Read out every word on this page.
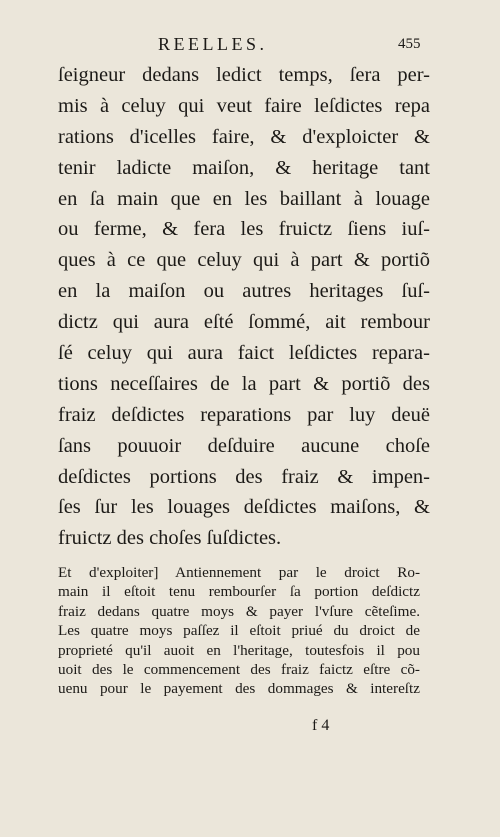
REELLES.	455
ſeigneur dedans ledict temps, ſera per-
mis à celuy qui veut faire leſdictes repa
rations d'icelles faire, & d'exploicter &
tenir ladicte maiſon, & heritage tant
en ſa main que en les baillant à louage
ou ferme, & fera les fruictz ſiens iuſ-
ques à ce que celuy qui à part & portiõ
en la maiſon ou autres heritages ſuſ-
dictz qui aura eſté ſommé, ait rembour
ſé celuy qui aura faict leſdictes repara-
tions neceſſaires de la part & portiõ des
fraiz deſdictes reparations par luy deuë
ſans pouuoir deſduire aucune choſe
deſdictes portions des fraiz & impen-
ſes ſur les louages deſdictes maiſons, &
fruictz des choſes ſuſdictes.
Et d'exploiter] Antiennement par le droict Ro-
main il eſtoit tenu rembourſer ſa portion deſdictz
fraiz dedans quatre moys & payer l'vſure cẽteſime.
Les quatre moys paſſez il eſtoit priué du droict de
proprieté qu'il auoit en l'heritage, toutesfois il pou
uoit des le commencement des fraiz faictz eſtre cõ-
uenu pour le payement des dommages & intereſtz
f 4
